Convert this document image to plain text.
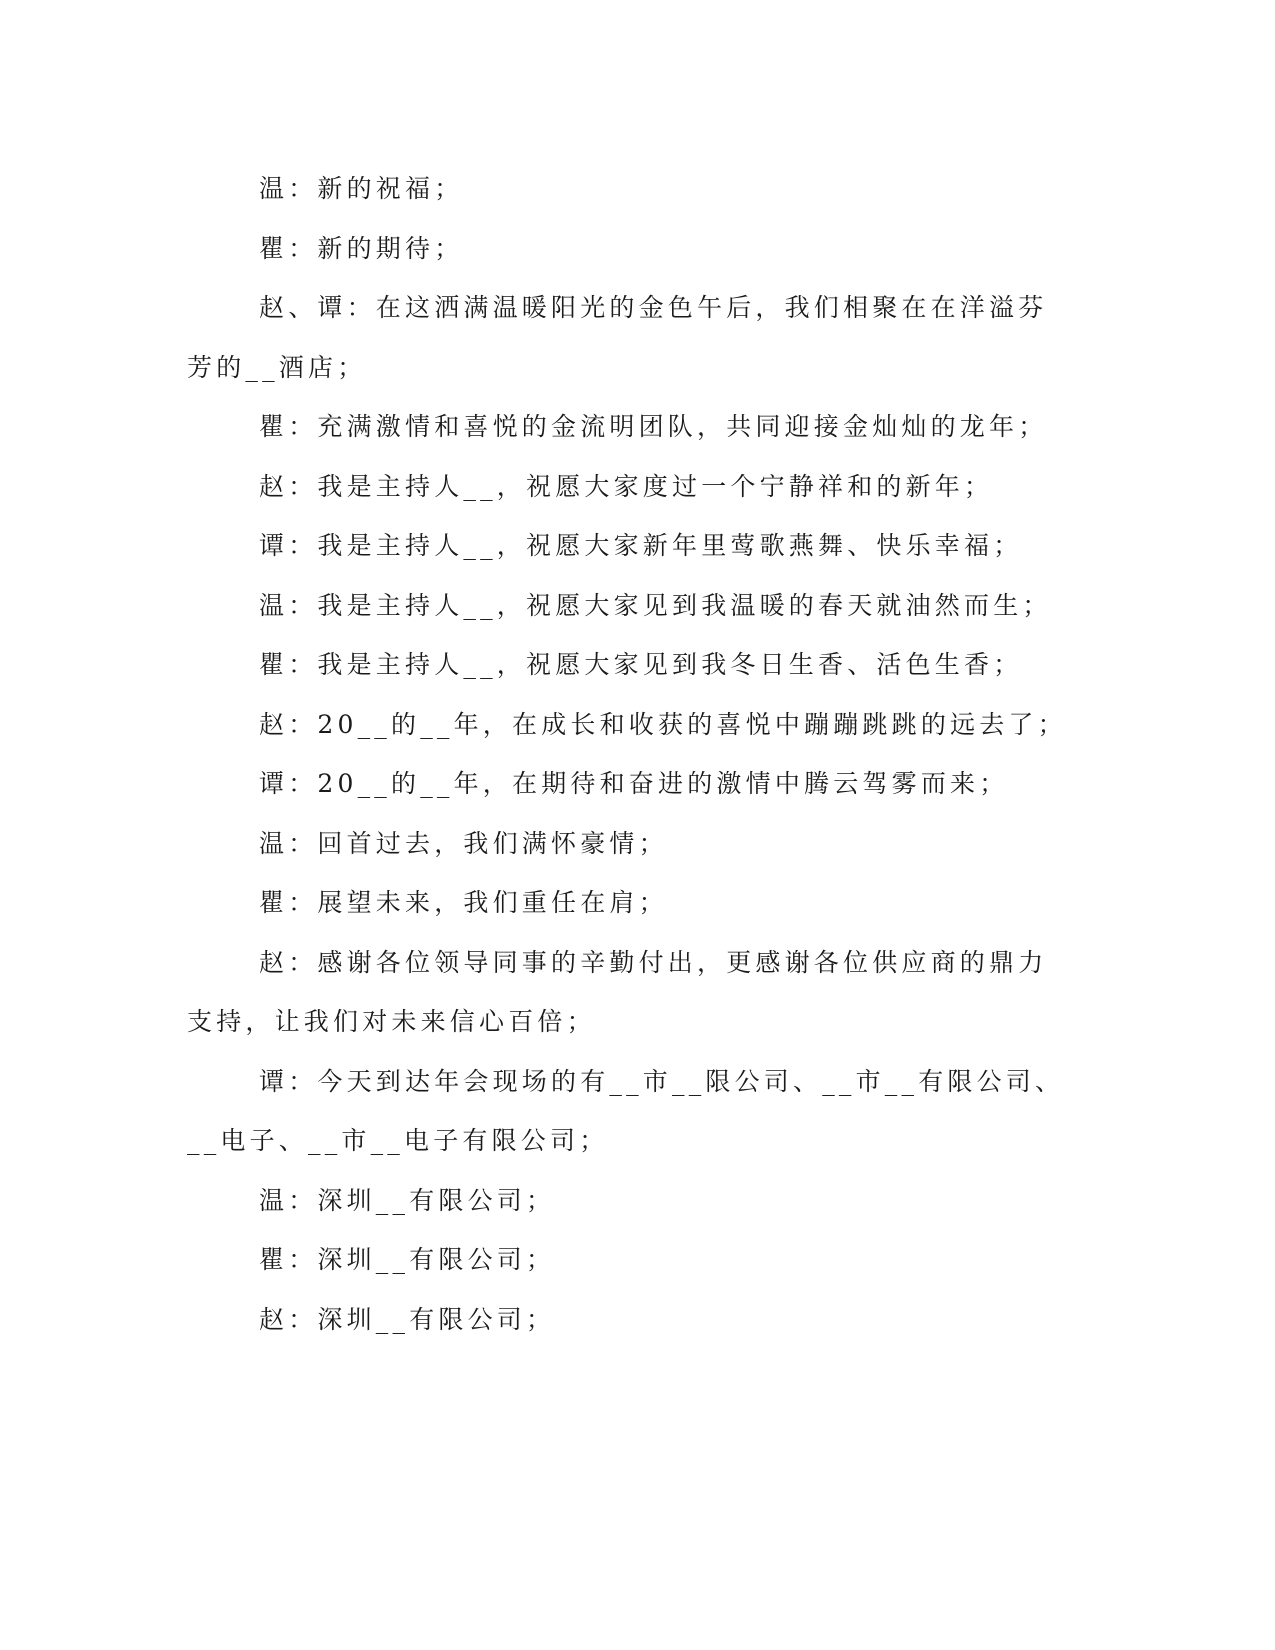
温：新的祝福；

瞿：新的期待；

赵、谭：在这洒满温暖阳光的金色午后，我们相聚在在洋溢芬芳的__酒店；

瞿：充满激情和喜悦的金流明团队，共同迎接金灿灿的龙年；

赵：我是主持人__，祝愿大家度过一个宁静祥和的新年；

谭：我是主持人__，祝愿大家新年里莺歌燕舞、快乐幸福；

温：我是主持人__，祝愿大家见到我温暖的春天就油然而生；

瞿：我是主持人__，祝愿大家见到我冬日生香、活色生香；

赵：20__的__年，在成长和收获的喜悦中蹦蹦跳跳的远去了；

谭：20__的__年，在期待和奋进的激情中腾云驾雾而来；

温：回首过去，我们满怀豪情；

瞿：展望未来，我们重任在肩；

赵：感谢各位领导同事的辛勤付出，更感谢各位供应商的鼎力支持，让我们对未来信心百倍；

谭：今天到达年会现场的有__市__限公司、__市__有限公司、__电子、__市__电子有限公司；

温：深圳__有限公司；

瞿：深圳__有限公司；

赵：深圳__有限公司；
